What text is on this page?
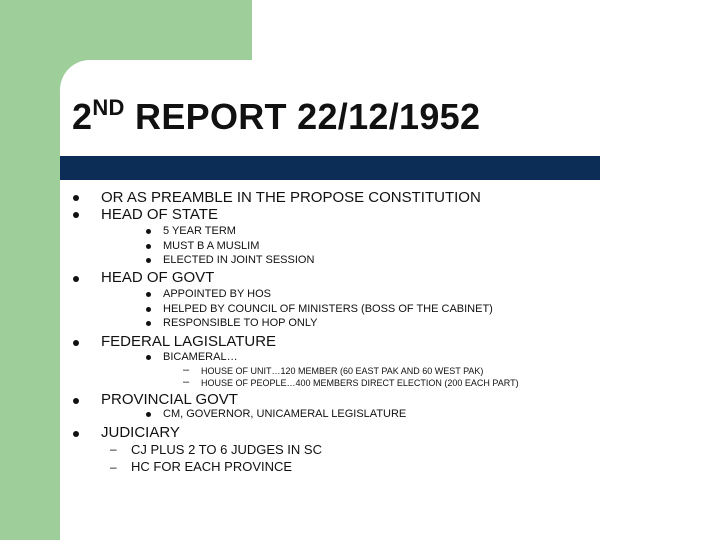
2ND REPORT 22/12/1952
OR AS PREAMBLE IN THE PROPOSE CONSTITUTION
HEAD OF STATE
5 YEAR TERM
MUST B A MUSLIM
ELECTED IN JOINT SESSION
HEAD OF GOVT
APPOINTED BY HOS
HELPED BY COUNCIL OF MINISTERS (BOSS OF THE CABINET)
RESPONSIBLE TO HOP ONLY
FEDERAL LAGISLATURE
BICAMERAL…
– HOUSE OF UNIT…120 MEMBER (60 EAST PAK AND 60 WEST PAK)
– HOUSE OF PEOPLE…400 MEMBERS DIRECT ELECTION (200 EACH PART)
PROVINCIAL GOVT
CM, GOVERNOR, UNICAMERAL LEGISLATURE
JUDICIARY
– CJ PLUS 2 TO 6 JUDGES IN SC
– HC FOR EACH PROVINCE
